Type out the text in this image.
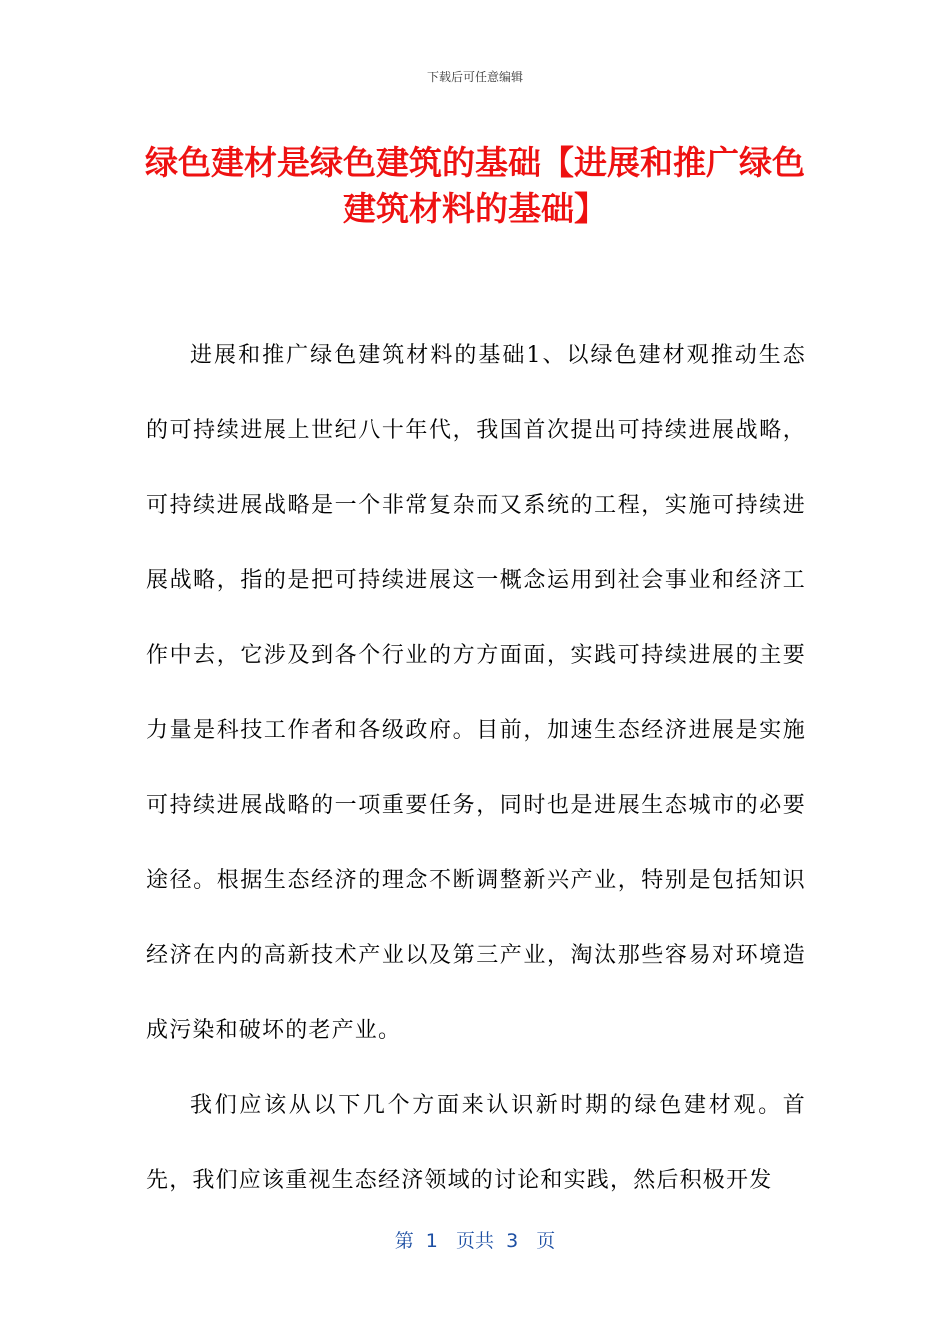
下载后可任意编辑
绿色建材是绿色建筑的基础【进展和推广绿色建筑材料的基础】

进展和推广绿色建筑材料的基础1、以绿色建材观推动生态的可持续进展上世纪八十年代，我国首次提出可持续进展战略，可持续进展战略是一个非常复杂而又系统的工程，实施可持续进展战略，指的是把可持续进展这一概念运用到社会事业和经济工作中去，它涉及到各个行业的方方面面，实践可持续进展的主要力量是科技工作者和各级政府。目前，加速生态经济进展是实施可持续进展战略的一项重要任务，同时也是进展生态城市的必要途径。根据生态经济的理念不断调整新兴产业，特别是包括知识经济在内的高新技术产业以及第三产业，淘汰那些容易对环境造成污染和破坏的老产业。

我们应该从以下几个方面来认识新时期的绿色建材观。首先，我们应该重视生态经济领域的讨论和实践，然后积极开发

第  1   页共  3   页
